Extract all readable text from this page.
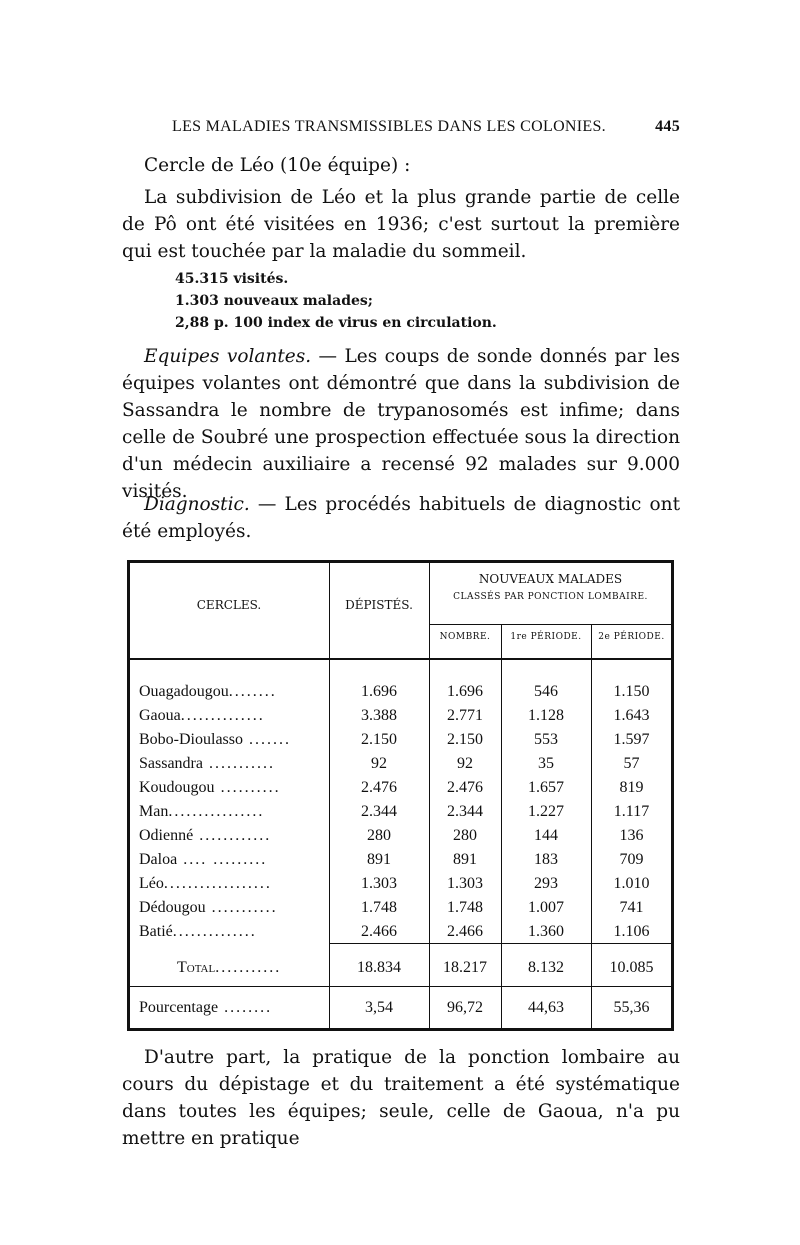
LES MALADIES TRANSMISSIBLES DANS LES COLONIES.	445
Cercle de Léo (10e équipe) :
La subdivision de Léo et la plus grande partie de celle de Pô ont été visitées en 1936; c'est surtout la première qui est touchée par la maladie du sommeil.
45.315 visités.
1.303 nouveaux malades;
2,88 p. 100 index de virus en circulation.
Equipes volantes. — Les coups de sonde donnés par les équipes volantes ont démontré que dans la subdivision de Sassandra le nombre de trypanosomés est infime; dans celle de Soubré une prospection effectuée sous la direction d'un médecin auxiliaire a recensé 92 malades sur 9.000 visités.
Diagnostic. — Les procédés habituels de diagnostic ont été employés.
CERCLES.	DÉPISTÉS.
NOUVEAUX MALADES
CLASSÉS PAR PONCTION LOMBAIRE.
NOMBRE.	1re PÉRIODE.	2e PÉRIODE.
Ouagadougou........	1.696	1.696	546	1.150
Gaoua..............	3.388	2.771	1.128	1.643
Bobo-Dioulasso .......	2.150	2.150	553	1.597
Sassandra ...........	92	92	35	57
Koudougou ..........	2.476	2.476	1.657	819
Man................	2.344	2.344	1.227	1.117
Odienné ............	280	280	144	136
Daloa .... .........	891	891	183	709
Léo..................	1.303	1.303	293	1.010
Dédougou ...........	1.748	1.748	1.007	741
Batié..............	2.466	2.466	1.360	1.106
Total...........	18.834	18.217	8.132	10.085
Pourcentage ........	3,54	96,72	44,63	55,36
D'autre part, la pratique de la ponction lombaire au cours du dépistage et du traitement a été systématique dans toutes les équipes; seule, celle de Gaoua, n'a pu mettre en pratique
